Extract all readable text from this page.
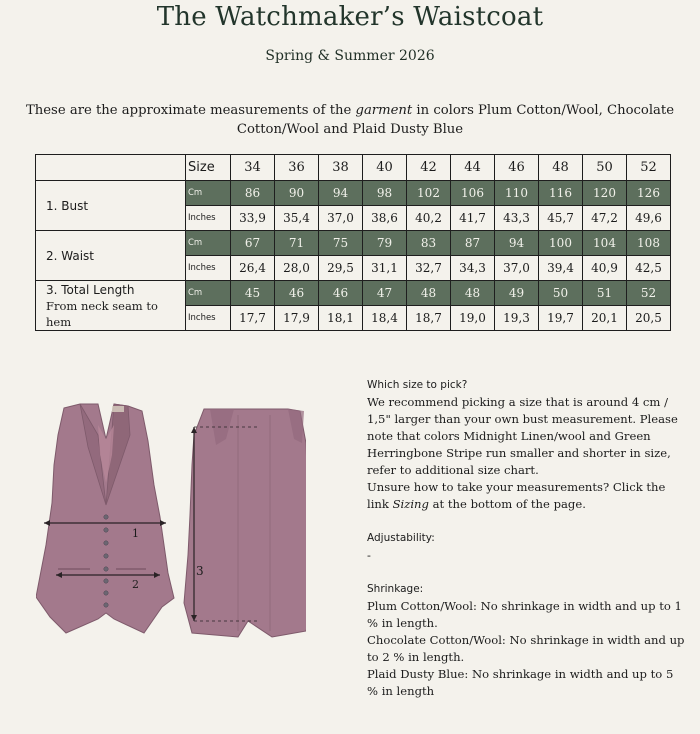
The Watchmaker’s Waistcoat
Spring & Summer 2026
These are the approximate measurements of the garment in colors Plum Cotton/Wool, Chocolate Cotton/Wool and Plaid Dusty Blue
	Size	34	36	38	40	42	44	46	48	50	52

1. Bust	Cm	86	90	94	98	102	106	110	116	120	126
	Inches	33,9	35,4	37,0	38,6	40,2	41,7	43,3	45,7	47,2	49,6

2. Waist	Cm	67	71	75	79	83	87	94	100	104	108
	Inches	26,4	28,0	29,5	31,1	32,7	34,3	37,0	39,4	40,9	42,5

3. Total Length
From neck seam to hem	Cm	45	46	46	47	48	48	49	50	51	52
	Inches	17,7	17,9	18,1	18,4	18,7	19,0	19,3	19,7	20,1	20,5
1
2
3
Which size to pick?
We recommend picking a size that is around 4 cm / 1,5" larger than your own bust measurement. Please note that colors Midnight Linen/wool and Green Herringbone Stripe run smaller and shorter in size, refer to additional size chart.
Unsure how to take your measurements? Click the link Sizing at the bottom of the page.
Adjustability:
-
Shrinkage:
Plum Cotton/Wool: No shrinkage in width and up to 1 % in length.
Chocolate Cotton/Wool: No shrinkage in width and up to 2 % in length.
Plaid Dusty Blue: No shrinkage in width and up to 5 % in length
